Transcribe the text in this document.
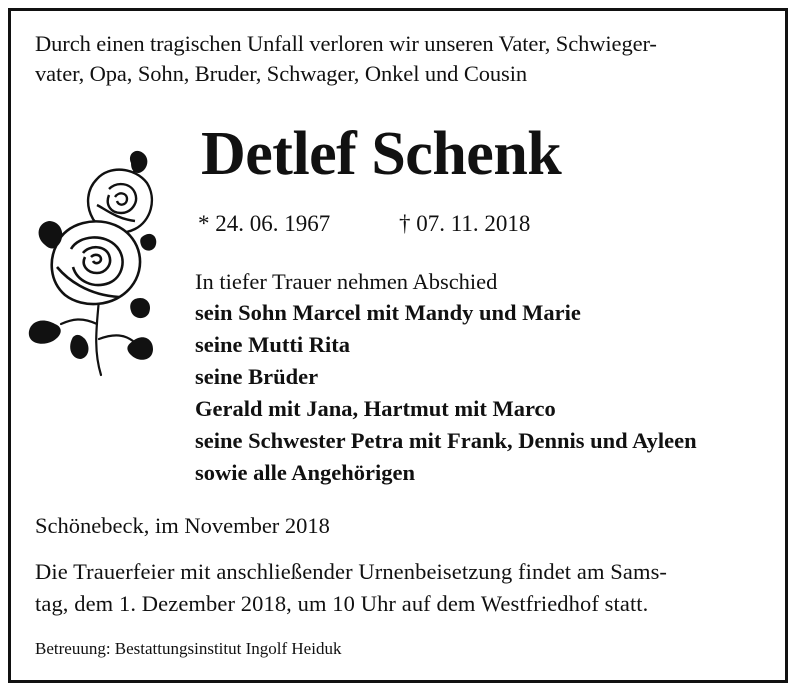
Durch einen tragischen Unfall verloren wir unseren Vater, Schwieger-
vater, Opa, Sohn, Bruder, Schwager, Onkel und Cousin
Detlef Schenk
* 24. 06. 1967	† 07. 11. 2018
In tiefer Trauer nehmen Abschied
sein Sohn Marcel mit Mandy und Marie
seine Mutti Rita
seine Brüder
Gerald mit Jana, Hartmut mit Marco
seine Schwester Petra mit Frank, Dennis und Ayleen
sowie alle Angehörigen
Schönebeck, im November 2018
Die Trauerfeier mit anschließender Urnenbeisetzung findet am Sams-
tag, dem 1. Dezember 2018, um 10 Uhr auf dem Westfriedhof statt.
Betreuung: Bestattungsinstitut Ingolf Heiduk
